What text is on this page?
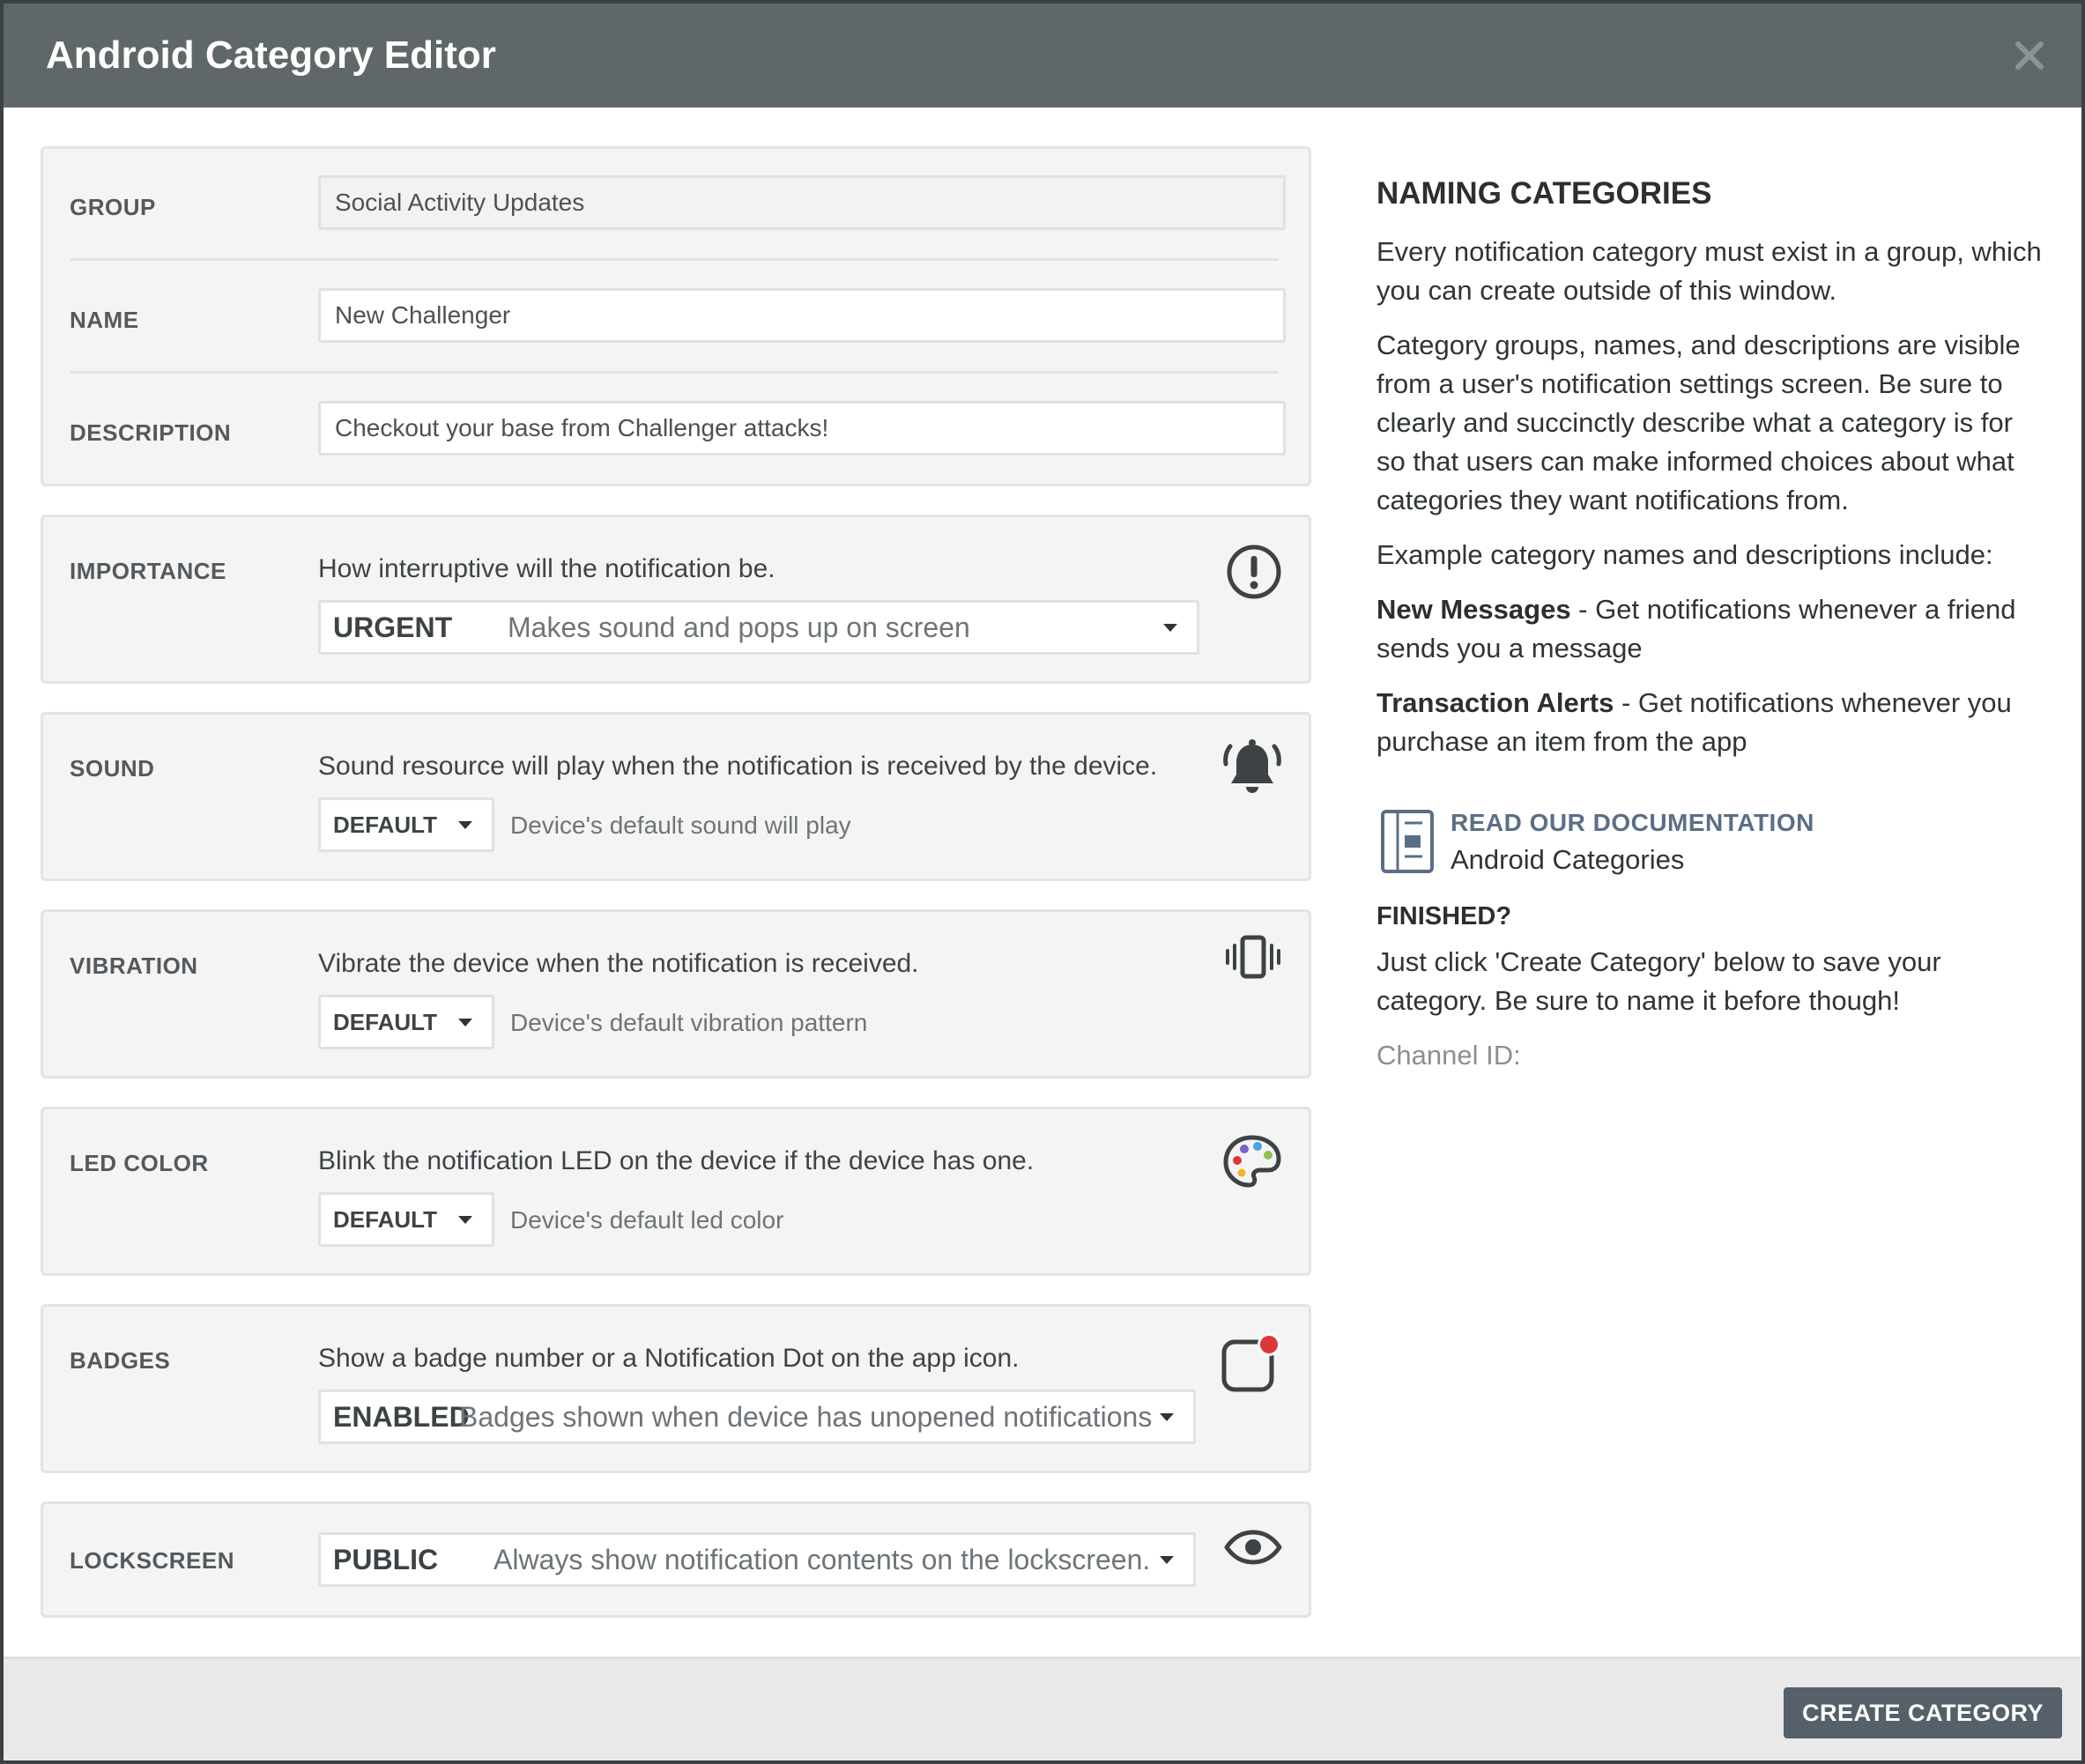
Android Category Editor
GROUP
Social Activity Updates
NAME
New Challenger
DESCRIPTION
Checkout your base from Challenger attacks!
IMPORTANCE	How interruptive will the notification be.
URGENT Makes sound and pops up on screen
SOUND	Sound resource will play when the notification is received by the device.
DEFAULT	Device's default sound will play
VIBRATION	Vibrate the device when the notification is received.
DEFAULT	Device's default vibration pattern
LED COLOR	Blink the notification LED on the device if the device has one.
DEFAULT	Device's default led color
BADGES	Show a badge number or a Notification Dot on the app icon.
ENABLED
Badges shown when device has unopened notifications
LOCKSCREEN	PUBLIC Always show notification contents on the lockscreen.
NAMING CATEGORIES

Every notification category must exist in a group, which you can create outside of this window.

Category groups, names, and descriptions are visible from a user's notification settings screen. Be sure to clearly and succinctly describe what a category is for so that users can make informed choices about what categories they want notifications from.

Example category names and descriptions include:

New Messages - Get notifications whenever a friend sends you a message

Transaction Alerts - Get notifications whenever you purchase an item from the app

READ OUR DOCUMENTATION
Android Categories
FINISHED?

Just click 'Create Category' below to save your category. Be sure to name it before though!

Channel ID:
CREATE CATEGORY
